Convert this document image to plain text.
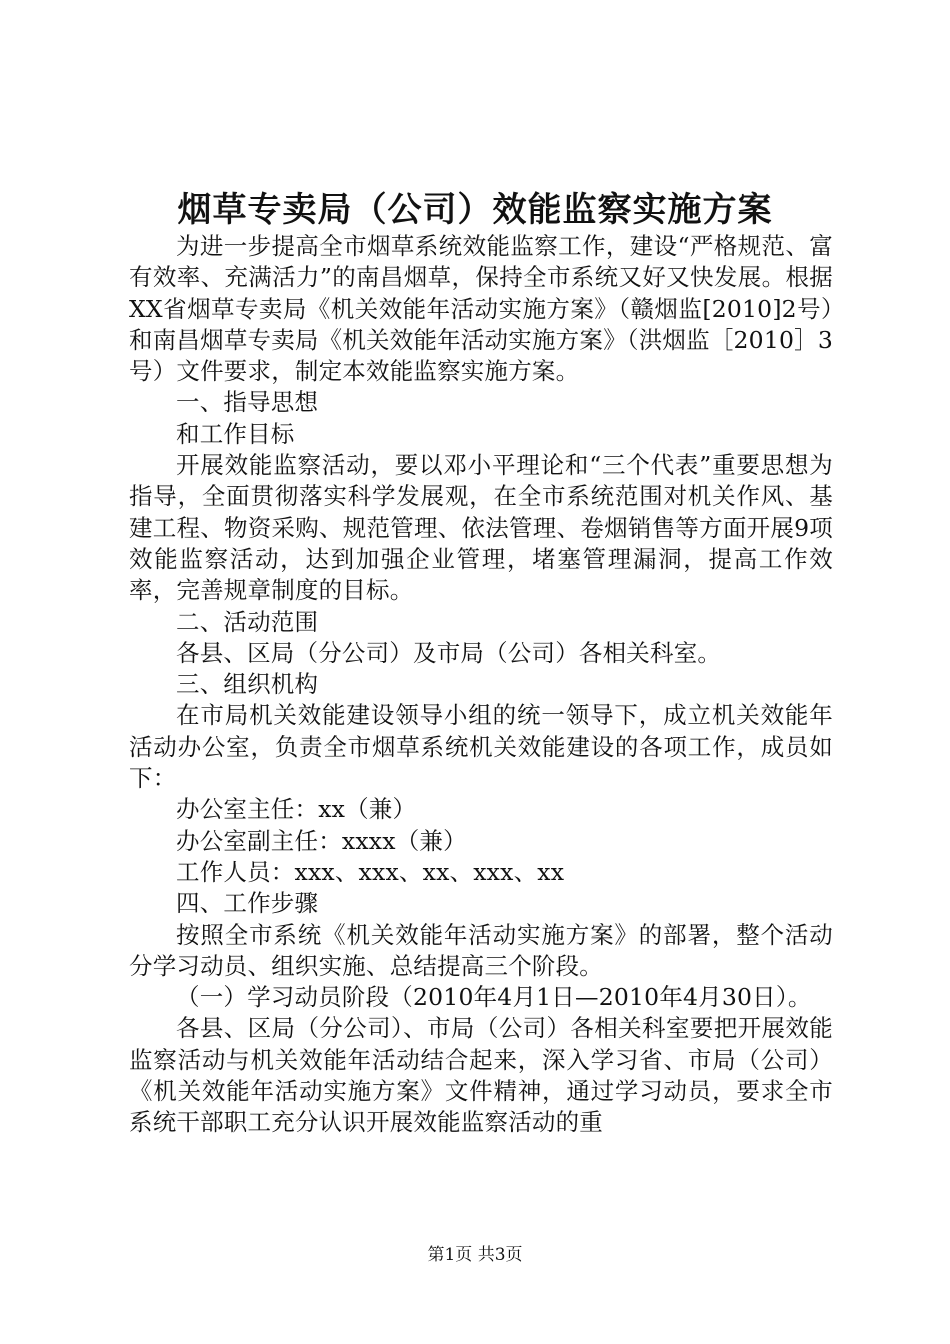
烟草专卖局（公司）效能监察实施方案

为进一步提高全市烟草系统效能监察工作，建设“严格规范、富有效率、充满活力”的南昌烟草，保持全市系统又好又快发展。根据XX省烟草专卖局《机关效能年活动实施方案》（赣烟监[2010]2号）和南昌烟草专卖局《机关效能年活动实施方案》（洪烟监［2010］3号）文件要求，制定本效能监察实施方案。

一、指导思想

和工作目标

开展效能监察活动，要以邓小平理论和“三个代表”重要思想为指导，全面贯彻落实科学发展观，在全市系统范围对机关作风、基建工程、物资采购、规范管理、依法管理、卷烟销售等方面开展9项效能监察活动，达到加强企业管理，堵塞管理漏洞，提高工作效率，完善规章制度的目标。

二、活动范围

各县、区局（分公司）及市局（公司）各相关科室。

三、组织机构

在市局机关效能建设领导小组的统一领导下，成立机关效能年活动办公室，负责全市烟草系统机关效能建设的各项工作，成员如下：

办公室主任：xx（兼）

办公室副主任：xxxx（兼）

工作人员：xxx、xxx、xx、xxx、xx

四、工作步骤

按照全市系统《机关效能年活动实施方案》的部署，整个活动分学习动员、组织实施、总结提高三个阶段。

（一）学习动员阶段（2010年4月1日—2010年4月30日）。

各县、区局（分公司）、市局（公司）各相关科室要把开展效能监察活动与机关效能年活动结合起来，深入学习省、市局（公司）《机关效能年活动实施方案》文件精神，通过学习动员，要求全市系统干部职工充分认识开展效能监察活动的重

第1页 共3页
